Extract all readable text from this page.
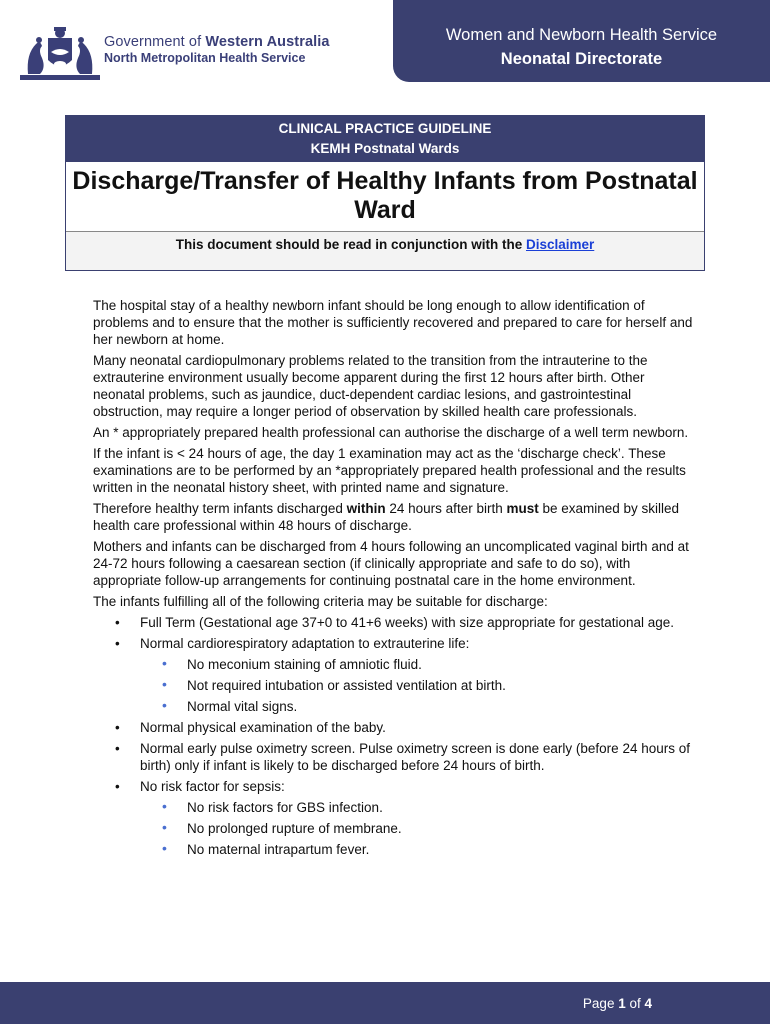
Government of Western Australia
North Metropolitan Health Service
Women and Newborn Health Service
Neonatal Directorate
CLINICAL PRACTICE GUIDELINE
KEMH Postnatal Wards
Discharge/Transfer of Healthy Infants from Postnatal Ward
This document should be read in conjunction with the Disclaimer

The hospital stay of a healthy newborn infant should be long enough to allow identification of problems and to ensure that the mother is sufficiently recovered and prepared to care for herself and her newborn at home.

Many neonatal cardiopulmonary problems related to the transition from the intrauterine to the extrauterine environment usually become apparent during the first 12 hours after birth. Other neonatal problems, such as jaundice, duct-dependent cardiac lesions, and gastrointestinal obstruction, may require a longer period of observation by skilled health care professionals.

An * appropriately prepared health professional can authorise the discharge of a well term newborn.

If the infant is < 24 hours of age, the day 1 examination may act as the ‘discharge check’. These examinations are to be performed by an *appropriately prepared health professional and the results written in the neonatal history sheet, with printed name and signature.

Therefore healthy term infants discharged within 24 hours after birth must be examined by skilled health care professional within 48 hours of discharge.

Mothers and infants can be discharged from 4 hours following an uncomplicated vaginal birth and at 24-72 hours following a caesarean section (if clinically appropriate and safe to do so), with appropriate follow-up arrangements for continuing postnatal care in the home environment.

The infants fulfilling all of the following criteria may be suitable for discharge:

• Full Term (Gestational age 37+0 to 41+6 weeks) with size appropriate for gestational age.
• Normal cardiorespiratory adaptation to extrauterine life:
• No meconium staining of amniotic fluid.
• Not required intubation or assisted ventilation at birth.
• Normal vital signs.
• Normal physical examination of the baby.
• Normal early pulse oximetry screen. Pulse oximetry screen is done early (before 24 hours of birth) only if infant is likely to be discharged before 24 hours of birth.
• No risk factor for sepsis:
• No risk factors for GBS infection.
• No prolonged rupture of membrane.
• No maternal intrapartum fever.
Page 1 of 4
